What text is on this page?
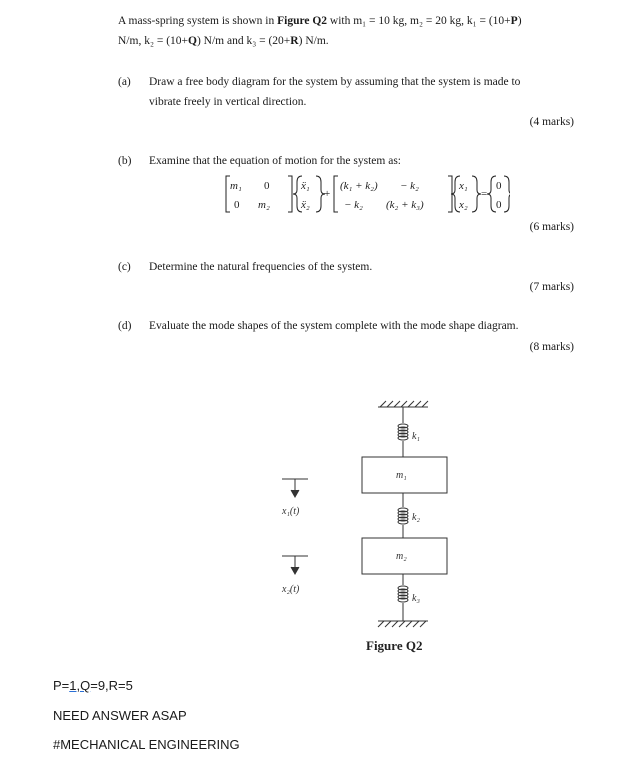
A mass-spring system is shown in Figure Q2 with m₁ = 10 kg, m₂ = 20 kg, k₁ = (10+P)
N/m, k₂ = (10+Q) N/m and k₃ = (20+R) N/m.
(a) Draw a free body diagram for the system by assuming that the system is made to
vibrate freely in vertical direction.
(4 marks)
(b) Examine that the equation of motion for the system as:
m₁ 0
0 m₂
ẍ₁
ẍ₂
+
(k₁ + k₂) − k₂
− k₂ (k₂ + k₃)
x₁
x₂
=
0
0
(6 marks)
(c) Determine the natural frequencies of the system.
(7 marks)
(d) Evaluate the mode shapes of the system complete with the mode shape diagram.
(8 marks)
k₁
m₁
k₂
m₂
k₃
x₁(t)
x₂(t)
Figure Q2
P=1,Q=9,R=5
NEED ANSWER ASAP
#MECHANICAL ENGINEERING
